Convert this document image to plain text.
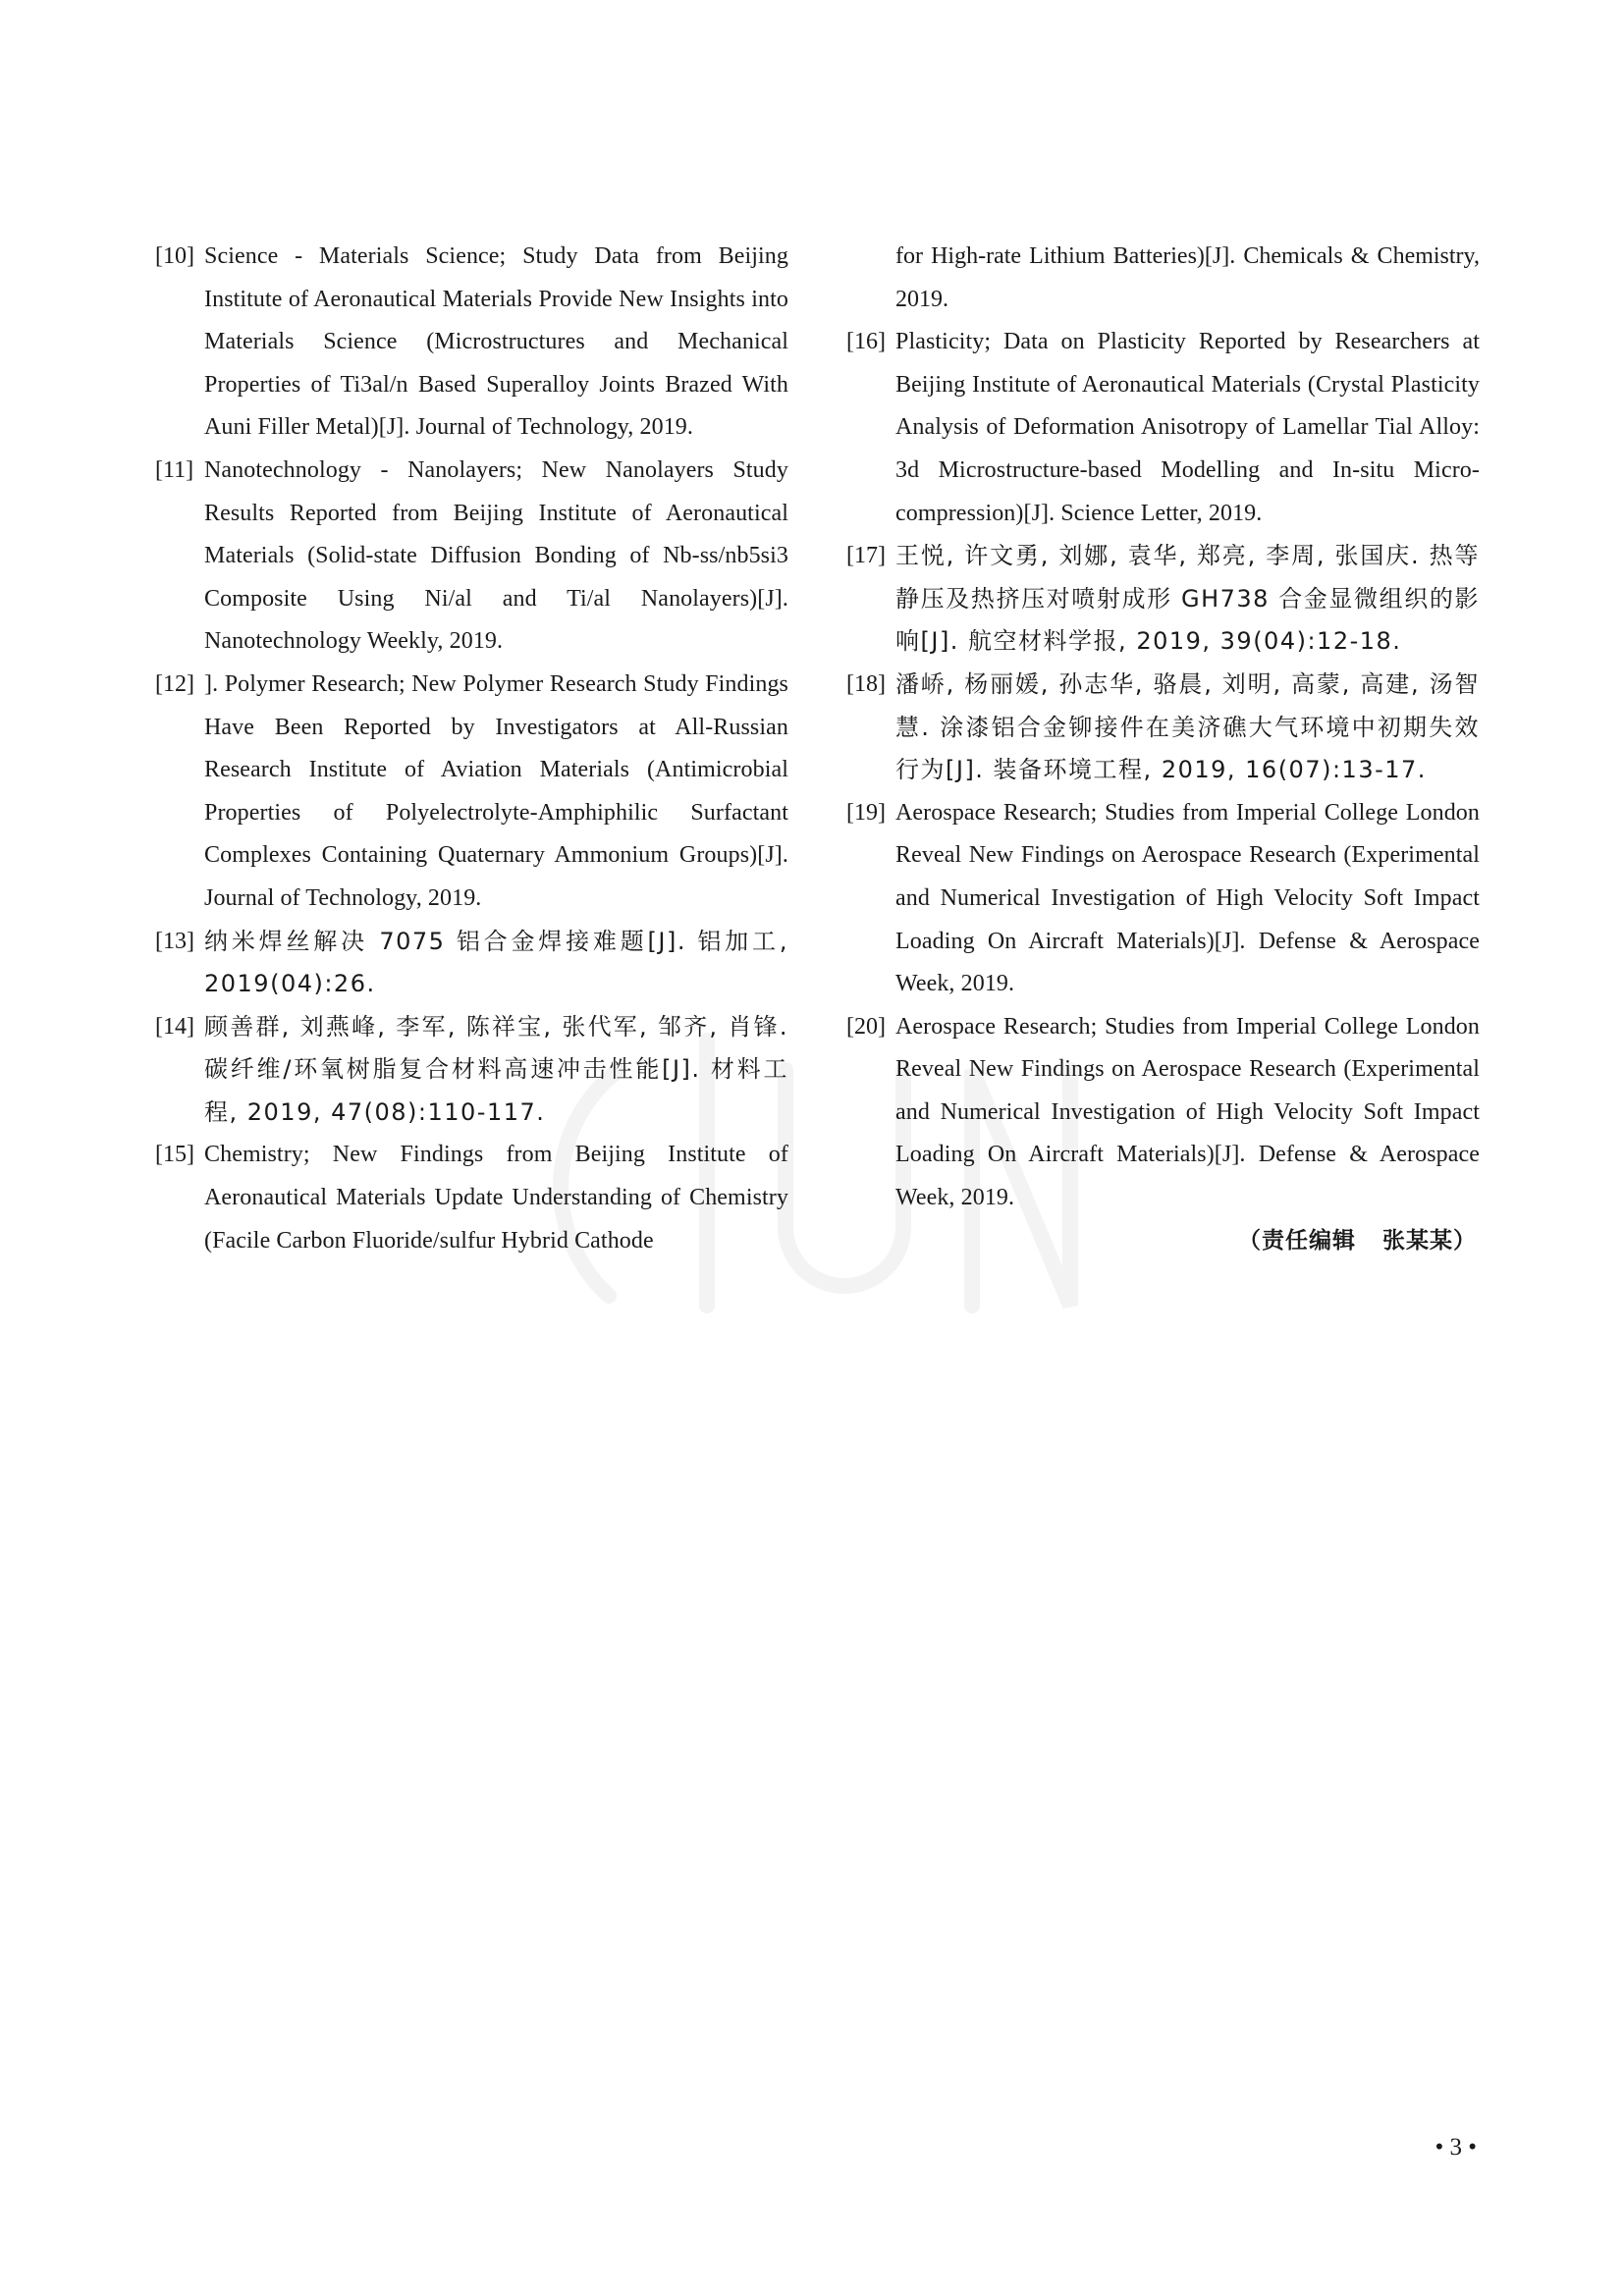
[10] Science - Materials Science; Study Data from Beijing Institute of Aeronautical Materials Provide New Insights into Materials Science (Microstructures and Mechanical Properties of Ti3al/n Based Superalloy Joints Brazed With Auni Filler Metal)[J]. Journal of Technology, 2019.

[11] Nanotechnology - Nanolayers; New Nanolayers Study Results Reported from Beijing Institute of Aeronautical Materials (Solid-state Diffusion Bonding of Nb-ss/nb5si3 Composite Using Ni/al and Ti/al Nanolayers)[J]. Nanotechnology Weekly, 2019.

[12] ]. Polymer Research; New Polymer Research Study Findings Have Been Reported by Investigators at All-Russian Research Institute of Aviation Materials (Antimicrobial Properties of Polyelectrolyte-Amphiphilic Surfactant Complexes Containing Quaternary Ammonium Groups)[J]. Journal of Technology, 2019.

[13] 纳米焊丝解决 7075 铝合金焊接难题[J]. 铝加工, 2019(04):26.

[14] 顾善群, 刘燕峰, 李军, 陈祥宝, 张代军, 邹齐, 肖锋. 碳纤维/环氧树脂复合材料高速冲击性能[J]. 材料工程, 2019, 47(08):110-117.

[15] Chemistry; New Findings from Beijing Institute of Aeronautical Materials Update Understanding of Chemistry (Facile Carbon Fluoride/sulfur Hybrid Cathode

for High-rate Lithium Batteries)[J]. Chemicals & Chemistry, 2019.

[16] Plasticity; Data on Plasticity Reported by Researchers at Beijing Institute of Aeronautical Materials (Crystal Plasticity Analysis of Deformation Anisotropy of Lamellar Tial Alloy: 3d Microstructure-based Modelling and In-situ Micro-compression)[J]. Science Letter, 2019.

[17] 王悦, 许文勇, 刘娜, 袁华, 郑亮, 李周, 张国庆. 热等静压及热挤压对喷射成形 GH738 合金显微组织的影响[J]. 航空材料学报, 2019, 39(04):12-18.

[18] 潘峤, 杨丽媛, 孙志华, 骆晨, 刘明, 高蒙, 高建, 汤智慧. 涂漆铝合金铆接件在美济礁大气环境中初期失效行为[J]. 装备环境工程, 2019, 16(07):13-17.

[19] Aerospace Research; Studies from Imperial College London Reveal New Findings on Aerospace Research (Experimental and Numerical Investigation of High Velocity Soft Impact Loading On Aircraft Materials)[J]. Defense & Aerospace Week, 2019.

[20] Aerospace Research; Studies from Imperial College London Reveal New Findings on Aerospace Research (Experimental and Numerical Investigation of High Velocity Soft Impact Loading On Aircraft Materials)[J]. Defense & Aerospace Week, 2019.

（责任编辑   张某某）
• 3 •
